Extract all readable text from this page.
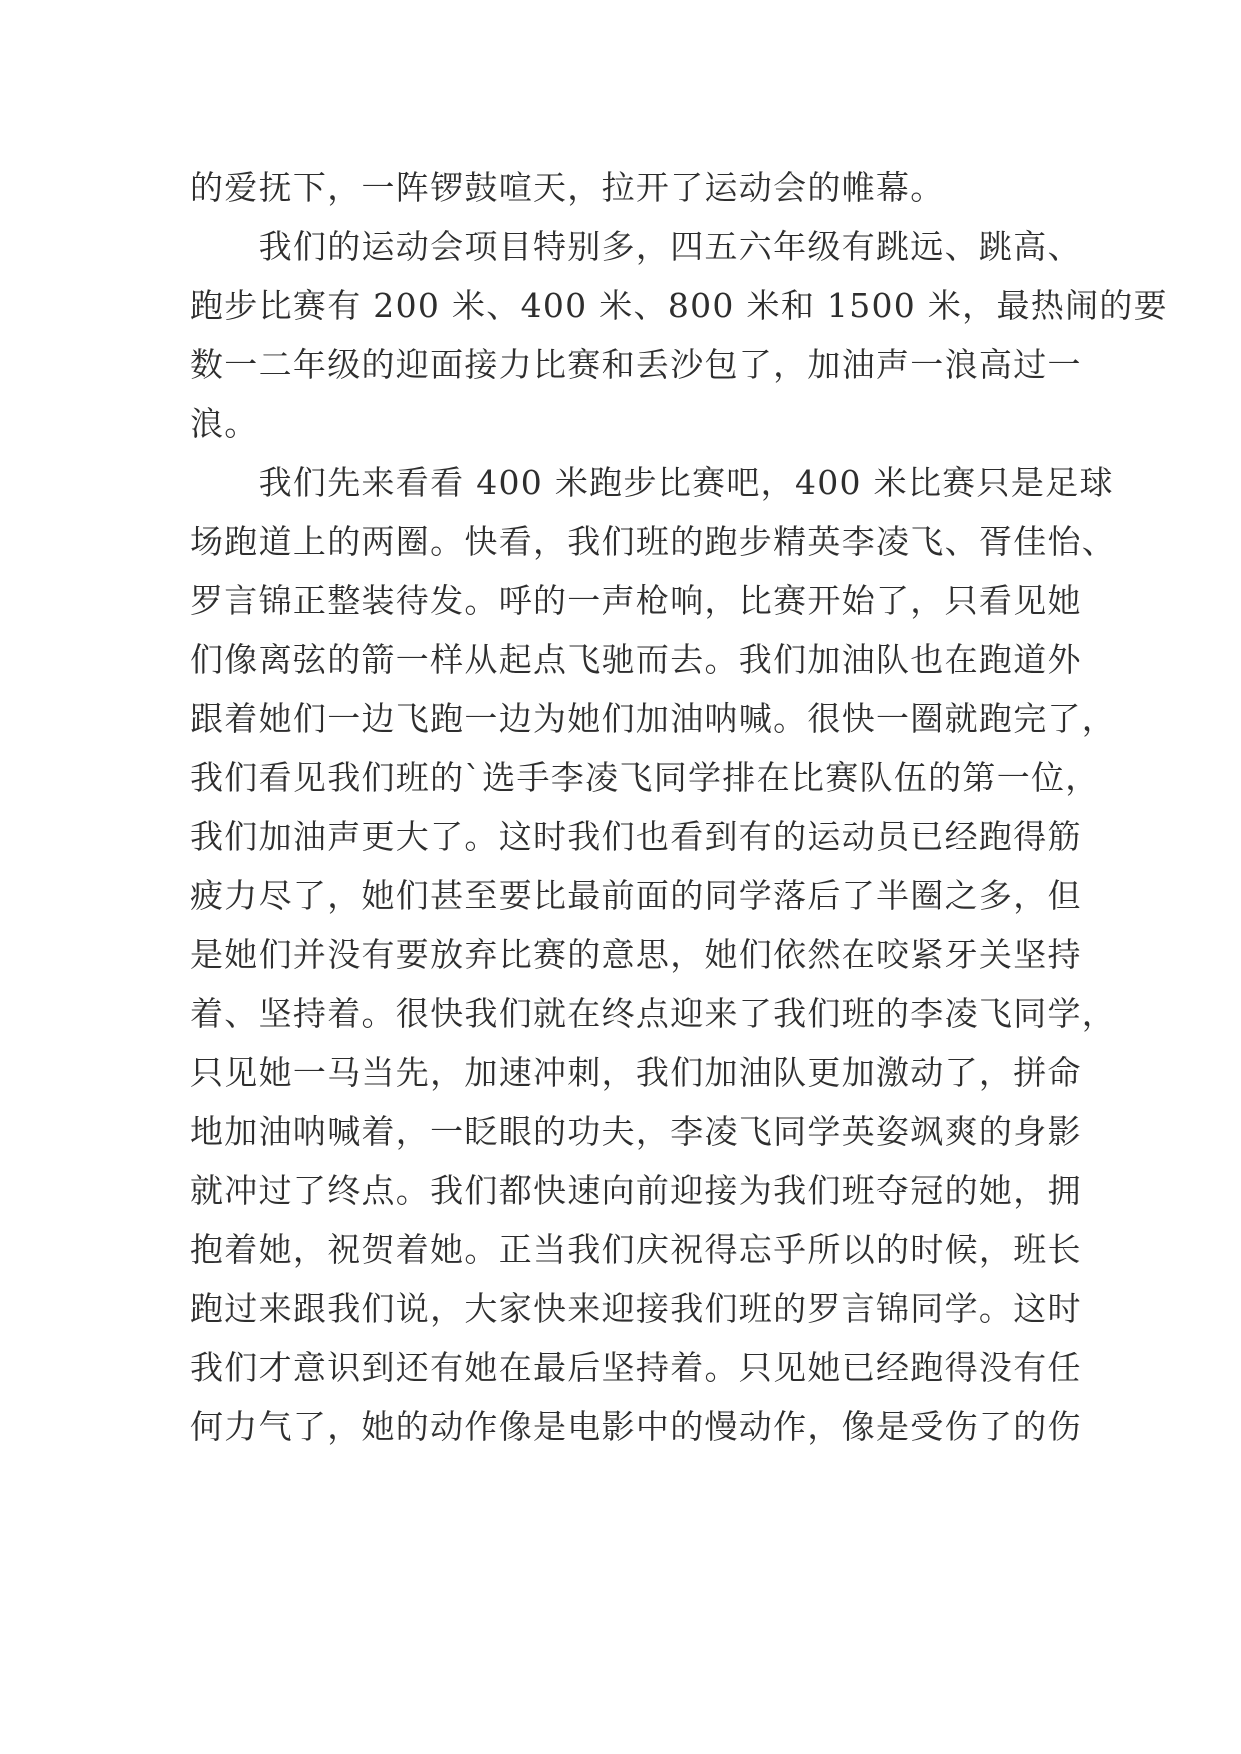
的爱抚下，一阵锣鼓喧天，拉开了运动会的帷幕。
　　我们的运动会项目特别多，四五六年级有跳远、跳高、
跑步比赛有 200 米、400 米、800 米和 1500 米，最热闹的要
数一二年级的迎面接力比赛和丢沙包了，加油声一浪高过一
浪。
　　我们先来看看 400 米跑步比赛吧，400 米比赛只是足球
场跑道上的两圈。快看，我们班的跑步精英李凌飞、胥佳怡、
罗言锦正整装待发。呼的一声枪响，比赛开始了，只看见她
们像离弦的箭一样从起点飞驰而去。我们加油队也在跑道外
跟着她们一边飞跑一边为她们加油呐喊。很快一圈就跑完了，
我们看见我们班的`选手李凌飞同学排在比赛队伍的第一位，
我们加油声更大了。这时我们也看到有的运动员已经跑得筋
疲力尽了，她们甚至要比最前面的同学落后了半圈之多，但
是她们并没有要放弃比赛的意思，她们依然在咬紧牙关坚持
着、坚持着。很快我们就在终点迎来了我们班的李凌飞同学，
只见她一马当先，加速冲刺，我们加油队更加激动了，拼命
地加油呐喊着，一眨眼的功夫，李凌飞同学英姿飒爽的身影
就冲过了终点。我们都快速向前迎接为我们班夺冠的她，拥
抱着她，祝贺着她。正当我们庆祝得忘乎所以的时候，班长
跑过来跟我们说，大家快来迎接我们班的罗言锦同学。这时
我们才意识到还有她在最后坚持着。只见她已经跑得没有任
何力气了，她的动作像是电影中的慢动作，像是受伤了的伤
